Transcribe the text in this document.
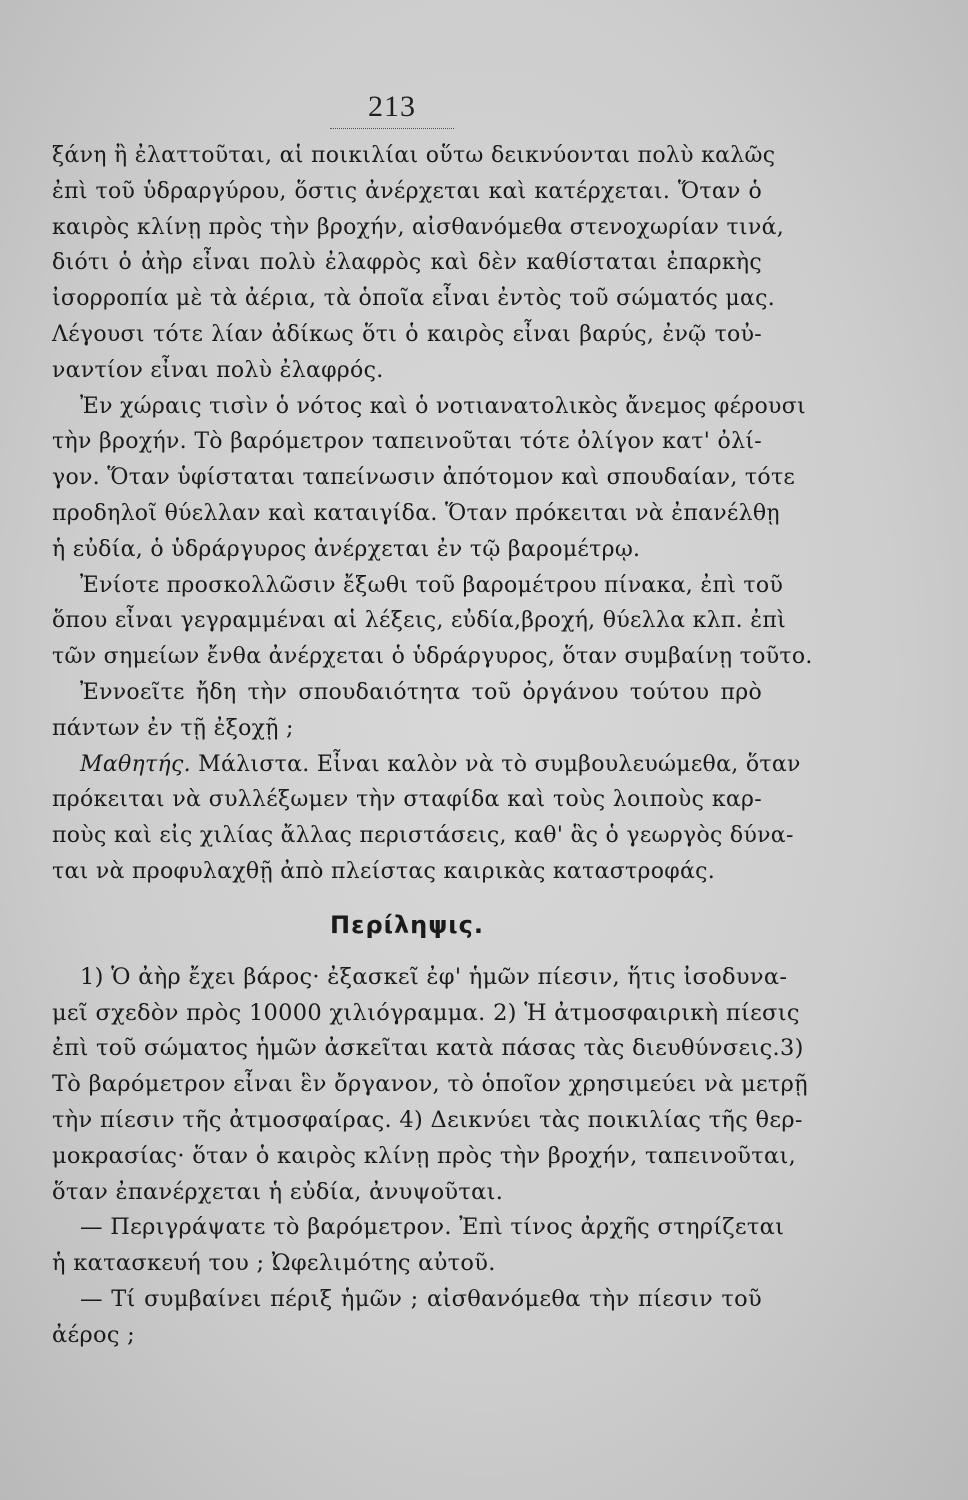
213
ξάνη ἢ ἐλαττοῦται, αἱ ποικιλίαι οὕτω δεικνύονται πολὺ καλῶς
ἐπὶ τοῦ ὑδραργύρου, ὅστις ἀνέρχεται καὶ κατέρχεται. Ὅταν ὁ
καιρὸς κλίνῃ πρὸς τὴν βροχήν, αἰσθανόμεθα στενοχωρίαν τινά,
διότι ὁ ἀὴρ εἶναι πολὺ ἐλαφρὸς καὶ δὲν καθίσταται ἐπαρκὴς
ἰσορροπία μὲ τὰ ἀέρια, τὰ ὁποῖα εἶναι ἐντὸς τοῦ σώματός μας.
Λέγουσι τότε λίαν ἀδίκως ὅτι ὁ καιρὸς εἶναι βαρύς, ἐνῷ τοὐ-
ναντίον εἶναι πολὺ ἐλαφρός.
Ἐν χώραις τισὶν ὁ νότος καὶ ὁ νοτιανατολικὸς ἄνεμος φέρουσι
τὴν βροχήν. Τὸ βαρόμετρον ταπεινοῦται τότε ὀλίγον κατ' ὀλί-
γον. Ὅταν ὑφίσταται ταπείνωσιν ἀπότομον καὶ σπουδαίαν, τότε
προδηλοῖ θύελλαν καὶ καταιγίδα. Ὅταν πρόκειται νὰ ἐπανέλθῃ
ἡ εὐδία, ὁ ὑδράργυρος ἀνέρχεται ἐν τῷ βαρομέτρῳ.
Ἐνίοτε προσκολλῶσιν ἔξωθι τοῦ βαρομέτρου πίνακα, ἐπὶ τοῦ
ὅπου εἶναι γεγραμμέναι αἱ λέξεις, εὐδία,βροχή, θύελλα κλπ. ἐπὶ
τῶν σημείων ἔνθα ἀνέρχεται ὁ ὑδράργυρος, ὅταν συμβαίνῃ τοῦτο.
Ἐννοεῖτε ἤδη τὴν σπουδαιότητα τοῦ ὀργάνου τούτου πρὸ
πάντων ἐν τῇ ἐξοχῇ ;
Μαθητής. Μάλιστα. Εἶναι καλὸν νὰ τὸ συμβουλευώμεθα, ὅταν
πρόκειται νὰ συλλέξωμεν τὴν σταφίδα καὶ τοὺς λοιποὺς καρ-
ποὺς καὶ εἰς χιλίας ἄλλας περιστάσεις, καθ' ἃς ὁ γεωργὸς δύνα-
ται νὰ προφυλαχθῇ ἀπὸ πλείστας καιρικὰς καταστροφάς.
Περίληψις.
1) Ὁ ἀὴρ ἔχει βάρος· ἐξασκεῖ ἐφ' ἡμῶν πίεσιν, ἥτις ἰσοδυνα-
μεῖ σχεδὸν πρὸς 10000 χιλιόγραμμα. 2) Ἡ ἀτμοσφαιρικὴ πίεσις
ἐπὶ τοῦ σώματος ἡμῶν ἀσκεῖται κατὰ πάσας τὰς διευθύνσεις.3)
Τὸ βαρόμετρον εἶναι ἓν ὄργανον, τὸ ὁποῖον χρησιμεύει νὰ μετρῇ
τὴν πίεσιν τῆς ἀτμοσφαίρας. 4) Δεικνύει τὰς ποικιλίας τῆς θερ-
μοκρασίας· ὅταν ὁ καιρὸς κλίνῃ πρὸς τὴν βροχήν, ταπεινοῦται,
ὅταν ἐπανέρχεται ἡ εὐδία, ἀνυψοῦται.
— Περιγράψατε τὸ βαρόμετρον. Ἐπὶ τίνος ἀρχῆς στηρίζεται
ἡ κατασκευή του ; Ὠφελιμότης αὐτοῦ.
— Τί συμβαίνει πέριξ ἡμῶν ; αἰσθανόμεθα τὴν πίεσιν τοῦ
ἀέρος ;
